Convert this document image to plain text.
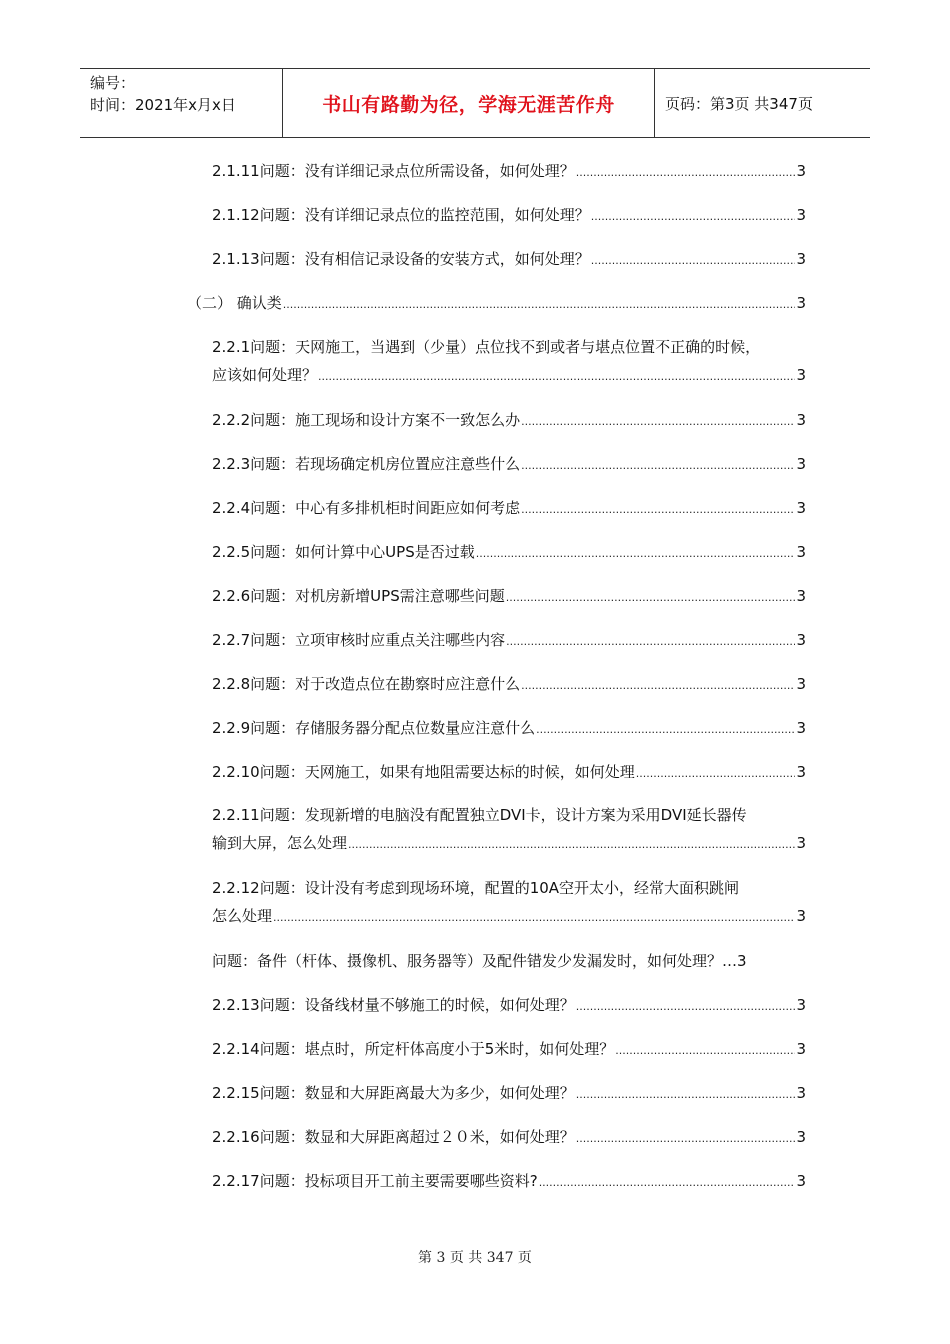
编号：
时间：2021年x月x日	书山有路勤为径，学海无涯苦作舟	页码：第3页 共347页
2.1.11问题：没有详细记录点位所需设备，如何处理？ .....	3
2.1.12问题：没有详细记录点位的监控范围，如何处理？ .....	3
2.1.13问题：没有相信记录设备的安装方式，如何处理？ .....	3
（二） 确认类 .....	3
2.2.1问题：天网施工，当遇到（少量）点位找不到或者与堪点位置不正确的时候，
应该如何处理？ .....	3
2.2.2问题：施工现场和设计方案不一致怎么办 .....	3
2.2.3问题：若现场确定机房位置应注意些什么 .....	3
2.2.4问题：中心有多排机柜时间距应如何考虑 .....	3
2.2.5问题：如何计算中心UPS是否过载 .....	3
2.2.6问题：对机房新增UPS需注意哪些问题 .....	3
2.2.7问题：立项审核时应重点关注哪些内容 .....	3
2.2.8问题：对于改造点位在勘察时应注意什么 .....	3
2.2.9问题：存储服务器分配点位数量应注意什么 .....	3
2.2.10问题：天网施工，如果有地阻需要达标的时候，如何处理 .....	3
2.2.11问题：发现新增的电脑没有配置独立DVI卡，设计方案为采用DVI延长器传
输到大屏，怎么处理 .....	3
2.2.12问题：设计没有考虑到现场环境，配置的10A空开太小，经常大面积跳闸
怎么处理 .....	3
问题：备件（杆体、摄像机、服务器等）及配件错发少发漏发时，如何处理？… 3
2.2.13问题：设备线材量不够施工的时候，如何处理？ .....	3
2.2.14问题：堪点时，所定杆体高度小于5米时，如何处理？ .....	3
2.2.15问题：数显和大屏距离最大为多少，如何处理？ .....	3
2.2.16问题：数显和大屏距离超过２０米，如何处理？ .....	3
2.2.17问题：投标项目开工前主要需要哪些资料? .....	3
第 3 页 共 347 页
